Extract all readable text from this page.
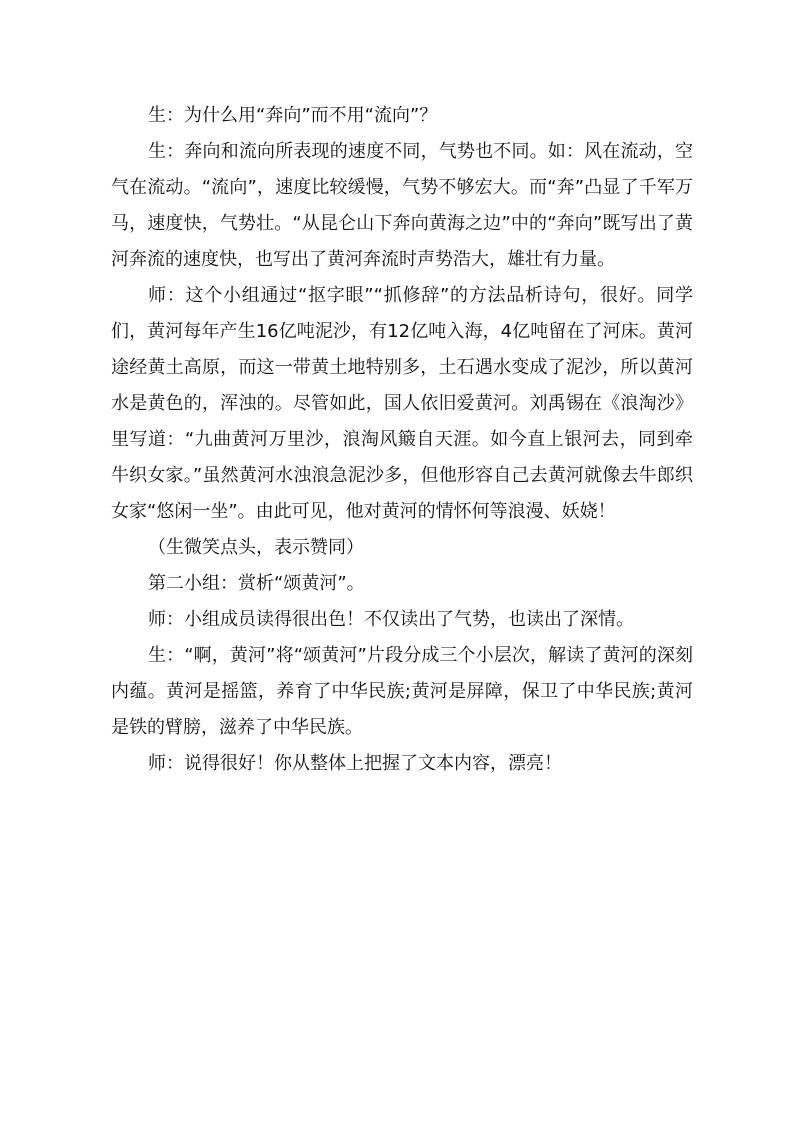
生：为什么用“奔向”而不用“流向”？

生：奔向和流向所表现的速度不同，气势也不同。如：风在流动，空气在流动。“流向”，速度比较缓慢，气势不够宏大。而“奔”凸显了千军万马，速度快，气势壮。“从昆仑山下奔向黄海之边”中的“奔向”既写出了黄河奔流的速度快，也写出了黄河奔流时声势浩大，雄壮有力量。

师：这个小组通过“抠字眼”“抓修辞”的方法品析诗句，很好。同学们，黄河每年产生16亿吨泥沙，有12亿吨入海，4亿吨留在了河床。黄河途经黄土高原，而这一带黄土地特别多，土石遇水变成了泥沙，所以黄河水是黄色的，浑浊的。尽管如此，国人依旧爱黄河。刘禹锡在《浪淘沙》里写道：“九曲黄河万里沙，浪淘风簸自天涯。如今直上银河去，同到牵牛织女家。”虽然黄河水浊浪急泥沙多，但他形容自己去黄河就像去牛郎织女家“悠闲一坐”。由此可见，他对黄河的情怀何等浪漫、妖娆！

（生微笑点头，表示赞同）

第二小组：赏析“颂黄河”。

师：小组成员读得很出色！不仅读出了气势，也读出了深情。

生：“啊，黄河”将“颂黄河”片段分成三个小层次，解读了黄河的深刻内蕴。黄河是摇篮，养育了中华民族;黄河是屏障，保卫了中华民族;黄河是铁的臂膀，滋养了中华民族。

师：说得很好！你从整体上把握了文本内容，漂亮！
